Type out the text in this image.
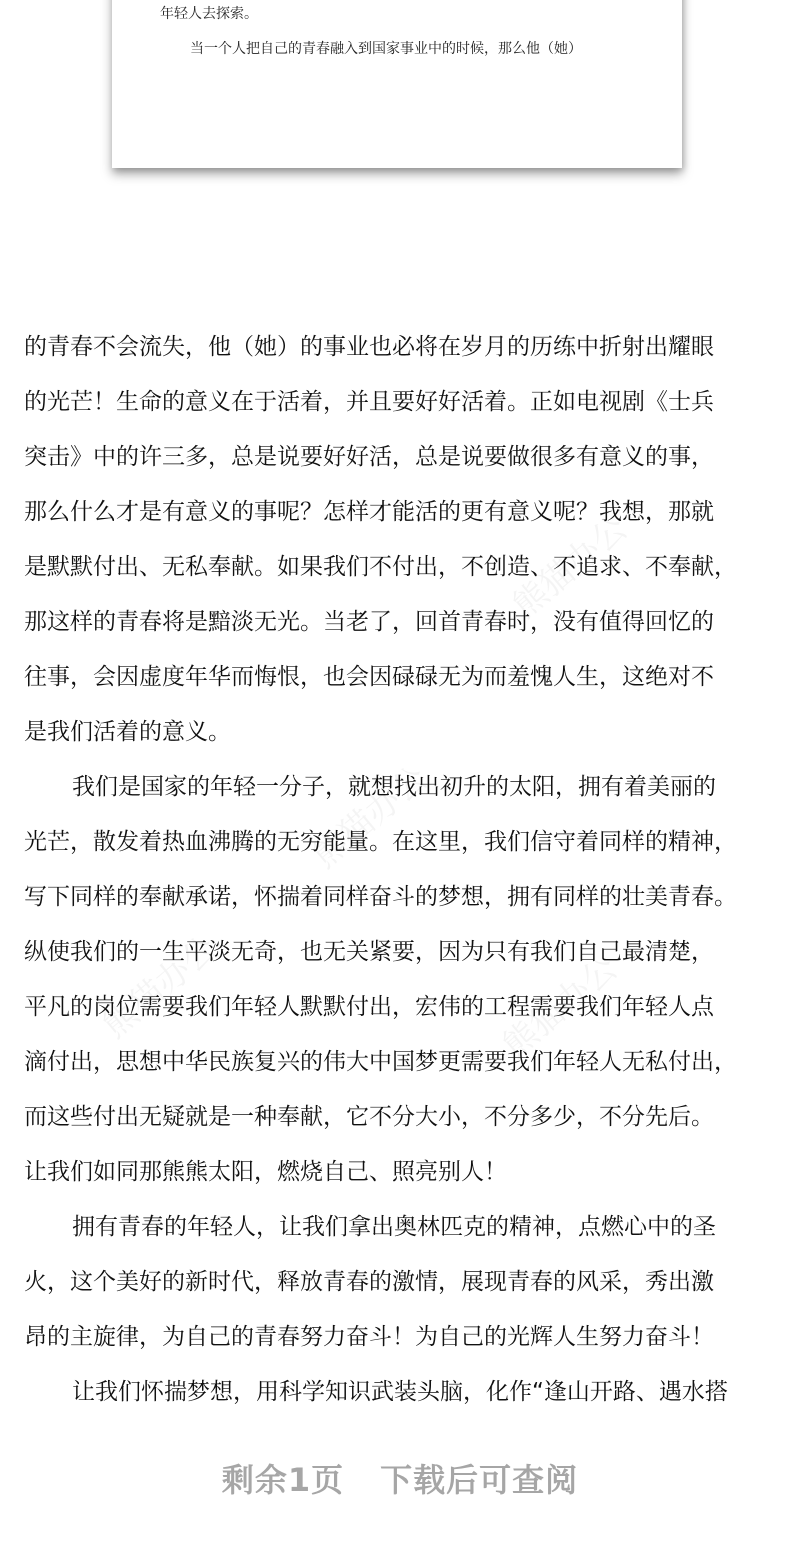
年轻人去探索。
当一个人把自己的青春融入到国家事业中的时候，那么他（她）
的青春不会流失，他（她）的事业也必将在岁月的历练中折射出耀眼
的光芒！生命的意义在于活着，并且要好好活着。正如电视剧《士兵
突击》中的许三多，总是说要好好活，总是说要做很多有意义的事，
那么什么才是有意义的事呢？怎样才能活的更有意义呢？我想，那就
是默默付出、无私奉献。如果我们不付出，不创造、不追求、不奉献，
那这样的青春将是黯淡无光。当老了，回首青春时，没有值得回忆的
往事，会因虚度年华而悔恨，也会因碌碌无为而羞愧人生，这绝对不
是我们活着的意义。
我们是国家的年轻一分子，就想找出初升的太阳，拥有着美丽的
光芒，散发着热血沸腾的无穷能量。在这里，我们信守着同样的精神，
写下同样的奉献承诺，怀揣着同样奋斗的梦想，拥有同样的壮美青春。
纵使我们的一生平淡无奇，也无关紧要，因为只有我们自己最清楚，
平凡的岗位需要我们年轻人默默付出，宏伟的工程需要我们年轻人点
滴付出，思想中华民族复兴的伟大中国梦更需要我们年轻人无私付出，
而这些付出无疑就是一种奉献，它不分大小，不分多少，不分先后。
让我们如同那熊熊太阳，燃烧自己、照亮别人！
拥有青春的年轻人，让我们拿出奥林匹克的精神，点燃心中的圣
火，这个美好的新时代，释放青春的激情，展现青春的风采，秀出激
昂的主旋律，为自己的青春努力奋斗！为自己的光辉人生努力奋斗！
让我们怀揣梦想，用科学知识武装头脑，化作“逢山开路、遇水搭
剩余1页 下载后可查阅
